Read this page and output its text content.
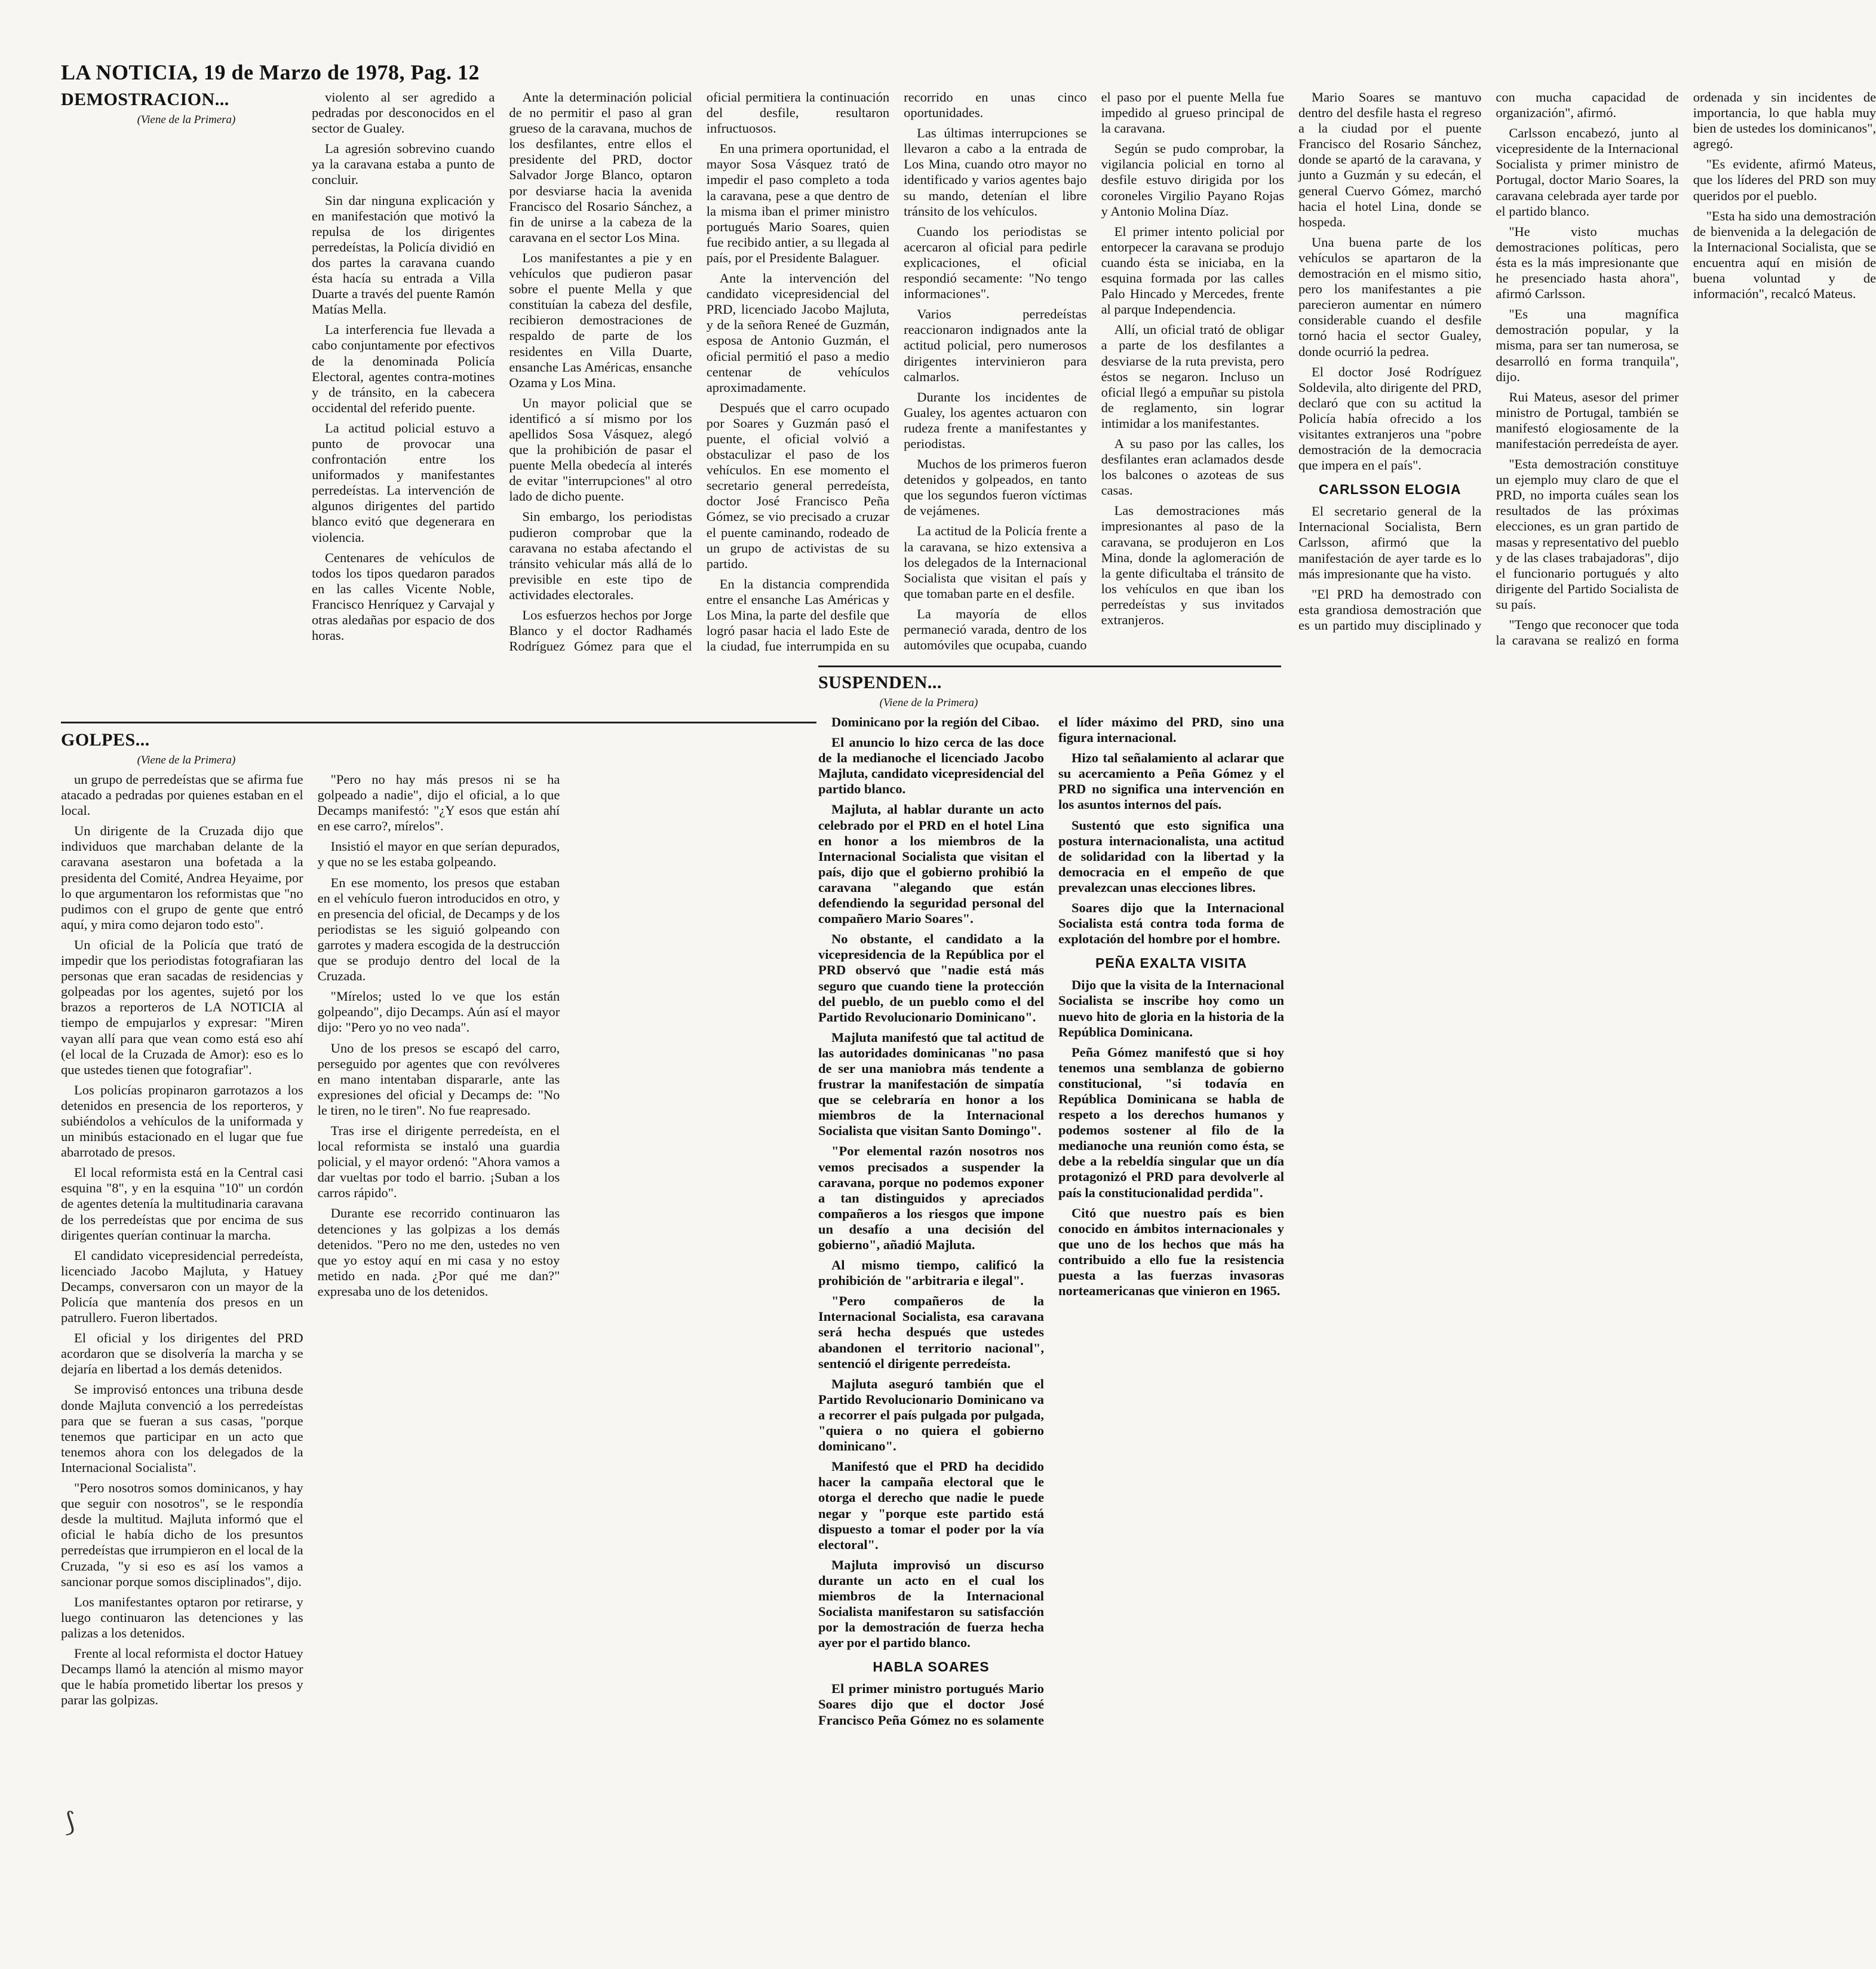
LA NOTICIA, 19 de Marzo de 1978, Pag. 12
DEMOSTRACION...
(Viene de la Primera)

violento al ser agredido a pedradas por desconocidos en el sector de Gualey.

La agresión sobrevino cuando ya la caravana estaba a punto de concluir.

Sin dar ninguna explicación y en manifestación que motivó la repulsa de los dirigentes perredeístas, la Policía dividió en dos partes la caravana cuando ésta hacía su entrada a Villa Duarte a través del puente Ramón Matías Mella.

La interferencia fue llevada a cabo conjuntamente por efectivos de la denominada Policía Electoral, agentes contra-motines y de tránsito, en la cabecera occidental del referido puente.

La actitud policial estuvo a punto de provocar una confrontación entre los uniformados y manifestantes perredeístas. La intervención de algunos dirigentes del partido blanco evitó que degenerara en violencia.

Centenares de vehículos de todos los tipos quedaron parados en las calles Vicente Noble, Francisco Henríquez y Carvajal y otras aledañas por espacio de dos horas.

Ante la determinación policial de no permitir el paso al gran grueso de la caravana, muchos de los desfilantes, entre ellos el presidente del PRD, doctor Salvador Jorge Blanco, optaron por desviarse hacia la avenida Francisco del Rosario Sánchez, a fin de unirse a la cabeza de la caravana en el sector Los Mina.

Los manifestantes a pie y en vehículos que pudieron pasar sobre el puente Mella y que constituían la cabeza del desfile, recibieron demostraciones de respaldo de parte de los residentes en Villa Duarte, ensanche Las Américas, ensanche Ozama y Los Mina.

Un mayor policial que se identificó a sí mismo por los apellidos Sosa Vásquez, alegó que la prohibición de pasar el puente Mella obedecía al interés de evitar "interrupciones" al otro lado de dicho puente.

Sin embargo, los periodistas pudieron comprobar que la caravana no estaba afectando el tránsito vehicular más allá de lo previsible en este tipo de actividades electorales.

Los esfuerzos hechos por Jorge Blanco y el doctor Radhamés Rodríguez Gómez para que el oficial permitiera la continuación del desfile, resultaron infructuosos.

En una primera oportunidad, el mayor Sosa Vásquez trató de impedir el paso completo a toda la caravana, pese a que dentro de la misma iban el primer ministro portugués Mario Soares, quien fue recibido antier, a su llegada al país, por el Presidente Balaguer.

Ante la intervención del candidato vicepresidencial del PRD, licenciado Jacobo Majluta, y de la señora Reneé de Guzmán, esposa de Antonio Guzmán, el oficial permitió el paso a medio centenar de vehículos aproximadamente.

Después que el carro ocupado por Soares y Guzmán pasó el puente, el oficial volvió a obstaculizar el paso de los vehículos. En ese momento el secretario general perredeísta, doctor José Francisco Peña Gómez, se vio precisado a cruzar el puente caminando, rodeado de un grupo de activistas de su partido.

En la distancia comprendida entre el ensanche Las Américas y Los Mina, la parte del desfile que logró pasar hacia el lado Este de la ciudad, fue interrumpida en su recorrido en unas cinco oportunidades.

Las últimas interrupciones se llevaron a cabo a la entrada de Los Mina, cuando otro mayor no identificado y varios agentes bajo su mando, detenían el libre tránsito de los vehículos.

Cuando los periodistas se acercaron al oficial para pedirle explicaciones, el oficial respondió secamente: "No tengo informaciones".

Varios perredeístas reaccionaron indignados ante la actitud policial, pero numerosos dirigentes intervinieron para calmarlos.

Durante los incidentes de Gualey, los agentes actuaron con rudeza frente a manifestantes y periodistas.

Muchos de los primeros fueron detenidos y golpeados, en tanto que los segundos fueron víctimas de vejámenes.

La actitud de la Policía frente a la caravana, se hizo extensiva a los delegados de la Internacional Socialista que visitan el país y que tomaban parte en el desfile.

La mayoría de ellos permaneció varada, dentro de los automóviles que ocupaba, cuando el paso por el puente Mella fue impedido al grueso principal de la caravana.

Según se pudo comprobar, la vigilancia policial en torno al desfile estuvo dirigida por los coroneles Virgilio Payano Rojas y Antonio Molina Díaz.

El primer intento policial por entorpecer la caravana se produjo cuando ésta se iniciaba, en la esquina formada por las calles Palo Hincado y Mercedes, frente al parque Independencia.

Allí, un oficial trató de obligar a parte de los desfilantes a desviarse de la ruta prevista, pero éstos se negaron. Incluso un oficial llegó a empuñar su pistola de reglamento, sin lograr intimidar a los manifestantes.

A su paso por las calles, los desfilantes eran aclamados desde los balcones o azoteas de sus casas.

Las demostraciones más impresionantes al paso de la caravana, se produjeron en Los Mina, donde la aglomeración de la gente dificultaba el tránsito de los vehículos en que iban los perredeístas y sus invitados extranjeros.

Mario Soares se mantuvo dentro del desfile hasta el regreso a la ciudad por el puente Francisco del Rosario Sánchez, donde se apartó de la caravana, y junto a Guzmán y su edecán, el general Cuervo Gómez, marchó hacia el hotel Lina, donde se hospeda.

Una buena parte de los vehículos se apartaron de la demostración en el mismo sitio, pero los manifestantes a pie parecieron aumentar en número considerable cuando el desfile tornó hacia el sector Gualey, donde ocurrió la pedrea.

El doctor José Rodríguez Soldevila, alto dirigente del PRD, declaró que con su actitud la Policía había ofrecido a los visitantes extranjeros una "pobre demostración de la democracia que impera en el país".

CARLSSON ELOGIA

El secretario general de la Internacional Socialista, Bern Carlsson, afirmó que la manifestación de ayer tarde es lo más impresionante que ha visto.

"El PRD ha demostrado con esta grandiosa demostración que es un partido muy disciplinado y con mucha capacidad de organización", afirmó.

Carlsson encabezó, junto al vicepresidente de la Internacional Socialista y primer ministro de Portugal, doctor Mario Soares, la caravana celebrada ayer tarde por el partido blanco.

"He visto muchas demostraciones políticas, pero ésta es la más impresionante que he presenciado hasta ahora", afirmó Carlsson.

"Es una magnífica demostración popular, y la misma, para ser tan numerosa, se desarrolló en forma tranquila", dijo.

Rui Mateus, asesor del primer ministro de Portugal, también se manifestó elogiosamente de la manifestación perredeísta de ayer.

"Esta demostración constituye un ejemplo muy claro de que el PRD, no importa cuáles sean los resultados de las próximas elecciones, es un gran partido de masas y representativo del pueblo y de las clases trabajadoras", dijo el funcionario portugués y alto dirigente del Partido Socialista de su país.

"Tengo que reconocer que toda la caravana se realizó en forma ordenada y sin incidentes de importancia, lo que habla muy bien de ustedes los dominicanos", agregó.

"Es evidente, afirmó Mateus, que los líderes del PRD son muy queridos por el pueblo.

"Esta ha sido una demostración de bienvenida a la delegación de la Internacional Socialista, que se encuentra aquí en misión de buena voluntad y de información", recalcó Mateus.

GOLPES...
(Viene de la Primera)

un grupo de perredeístas que se afirma fue atacado a pedradas por quienes estaban en el local.

Un dirigente de la Cruzada dijo que individuos que marchaban delante de la caravana asestaron una bofetada a la presidenta del Comité, Andrea Heyaime, por lo que argumentaron los reformistas que "no pudimos con el grupo de gente que entró aquí, y mira como dejaron todo esto".

Un oficial de la Policía que trató de impedir que los periodistas fotografiaran las personas que eran sacadas de residencias y golpeadas por los agentes, sujetó por los brazos a reporteros de LA NOTICIA al tiempo de empujarlos y expresar: "Miren vayan allí para que vean como está eso ahí (el local de la Cruzada de Amor): eso es lo que ustedes tienen que fotografiar".

Los policías propinaron garrotazos a los detenidos en presencia de los reporteros, y subiéndolos a vehículos de la uniformada y un minibús estacionado en el lugar que fue abarrotado de presos.

El local reformista está en la Central casi esquina "8", y en la esquina "10" un cordón de agentes detenía la multitudinaria caravana de los perredeístas que por encima de sus dirigentes querían continuar la marcha.

El candidato vicepresidencial perredeísta, licenciado Jacobo Majluta, y Hatuey Decamps, conversaron con un mayor de la Policía que mantenía dos presos en un patrullero. Fueron libertados.

El oficial y los dirigentes del PRD acordaron que se disolvería la marcha y se dejaría en libertad a los demás detenidos.

Se improvisó entonces una tribuna desde donde Majluta convenció a los perredeístas para que se fueran a sus casas, "porque tenemos que participar en un acto que tenemos ahora con los delegados de la Internacional Socialista".

"Pero nosotros somos dominicanos, y hay que seguir con nosotros", se le respondía desde la multitud. Majluta informó que el oficial le había dicho de los presuntos perredeístas que irrumpieron en el local de la Cruzada, "y si eso es así los vamos a sancionar porque somos disciplinados", dijo.

Los manifestantes optaron por retirarse, y luego continuaron las detenciones y las palizas a los detenidos.

Frente al local reformista el doctor Hatuey Decamps llamó la atención al mismo mayor que le había prometido libertar los presos y parar las golpizas.

"Pero no hay más presos ni se ha golpeado a nadie", dijo el oficial, a lo que Decamps manifestó: "¿Y esos que están ahí en ese carro?, mírelos".

Insistió el mayor en que serían depurados, y que no se les estaba golpeando.

En ese momento, los presos que estaban en el vehículo fueron introducidos en otro, y en presencia del oficial, de Decamps y de los periodistas se les siguió golpeando con garrotes y madera escogida de la destrucción que se produjo dentro del local de la Cruzada.

"Mírelos; usted lo ve que los están golpeando", dijo Decamps. Aún así el mayor dijo: "Pero yo no veo nada".

Uno de los presos se escapó del carro, perseguido por agentes que con revólveres en mano intentaban dispararle, ante las expresiones del oficial y Decamps de: "No le tiren, no le tiren". No fue reapresado.

Tras irse el dirigente perredeísta, en el local reformista se instaló una guardia policial, y el mayor ordenó: "Ahora vamos a dar vueltas por todo el barrio. ¡Suban a los carros rápido".

Durante ese recorrido continuaron las detenciones y las golpizas a los demás detenidos. "Pero no me den, ustedes no ven que yo estoy aquí en mi casa y no estoy metido en nada. ¿Por qué me dan?" expresaba uno de los detenidos.

SUSPENDEN...
(Viene de la Primera)

Dominicano por la región del Cibao.

El anuncio lo hizo cerca de las doce de la medianoche el licenciado Jacobo Majluta, candidato vicepresidencial del partido blanco.

Majluta, al hablar durante un acto celebrado por el PRD en el hotel Lina en honor a los miembros de la Internacional Socialista que visitan el país, dijo que el gobierno prohibió la caravana "alegando que están defendiendo la seguridad personal del compañero Mario Soares".

No obstante, el candidato a la vicepresidencia de la República por el PRD observó que "nadie está más seguro que cuando tiene la protección del pueblo, de un pueblo como el del Partido Revolucionario Dominicano".

Majluta manifestó que tal actitud de las autoridades dominicanas "no pasa de ser una maniobra más tendente a frustrar la manifestación de simpatía que se celebraría en honor a los miembros de la Internacional Socialista que visitan Santo Domingo".

"Por elemental razón nosotros nos vemos precisados a suspender la caravana, porque no podemos exponer a tan distinguidos y apreciados compañeros a los riesgos que impone un desafío a una decisión del gobierno", añadió Majluta.

Al mismo tiempo, calificó la prohibición de "arbitraria e ilegal".

"Pero compañeros de la Internacional Socialista, esa caravana será hecha después que ustedes abandonen el territorio nacional", sentenció el dirigente perredeísta.

Majluta aseguró también que el Partido Revolucionario Dominicano va a recorrer el país pulgada por pulgada, "quiera o no quiera el gobierno dominicano".

Manifestó que el PRD ha decidido hacer la campaña electoral que le otorga el derecho que nadie le puede negar y "porque este partido está dispuesto a tomar el poder por la vía electoral".

Majluta improvisó un discurso durante un acto en el cual los miembros de la Internacional Socialista manifestaron su satisfacción por la demostración de fuerza hecha ayer por el partido blanco.

HABLA SOARES

El primer ministro portugués Mario Soares dijo que el doctor José Francisco Peña Gómez no es solamente el líder máximo del PRD, sino una figura internacional.

Hizo tal señalamiento al aclarar que su acercamiento a Peña Gómez y el PRD no significa una intervención en los asuntos internos del país.

Sustentó que esto significa una postura internacionalista, una actitud de solidaridad con la libertad y la democracia en el empeño de que prevalezcan unas elecciones libres.

Soares dijo que la Internacional Socialista está contra toda forma de explotación del hombre por el hombre.

PEÑA EXALTA VISITA

Dijo que la visita de la Internacional Socialista se inscribe hoy como un nuevo hito de gloria en la historia de la República Dominicana.

Peña Gómez manifestó que si hoy tenemos una semblanza de gobierno constitucional, "si todavía en República Dominicana se habla de respeto a los derechos humanos y podemos sostener al filo de la medianoche una reunión como ésta, se debe a la rebeldía singular que un día protagonizó el PRD para devolverle al país la constitucionalidad perdida".

Citó que nuestro país es bien conocido en ámbitos internacionales y que uno de los hechos que más ha contribuido a ello fue la resistencia puesta a las fuerzas invasoras norteamericanas que vinieron en 1965.

⟆
